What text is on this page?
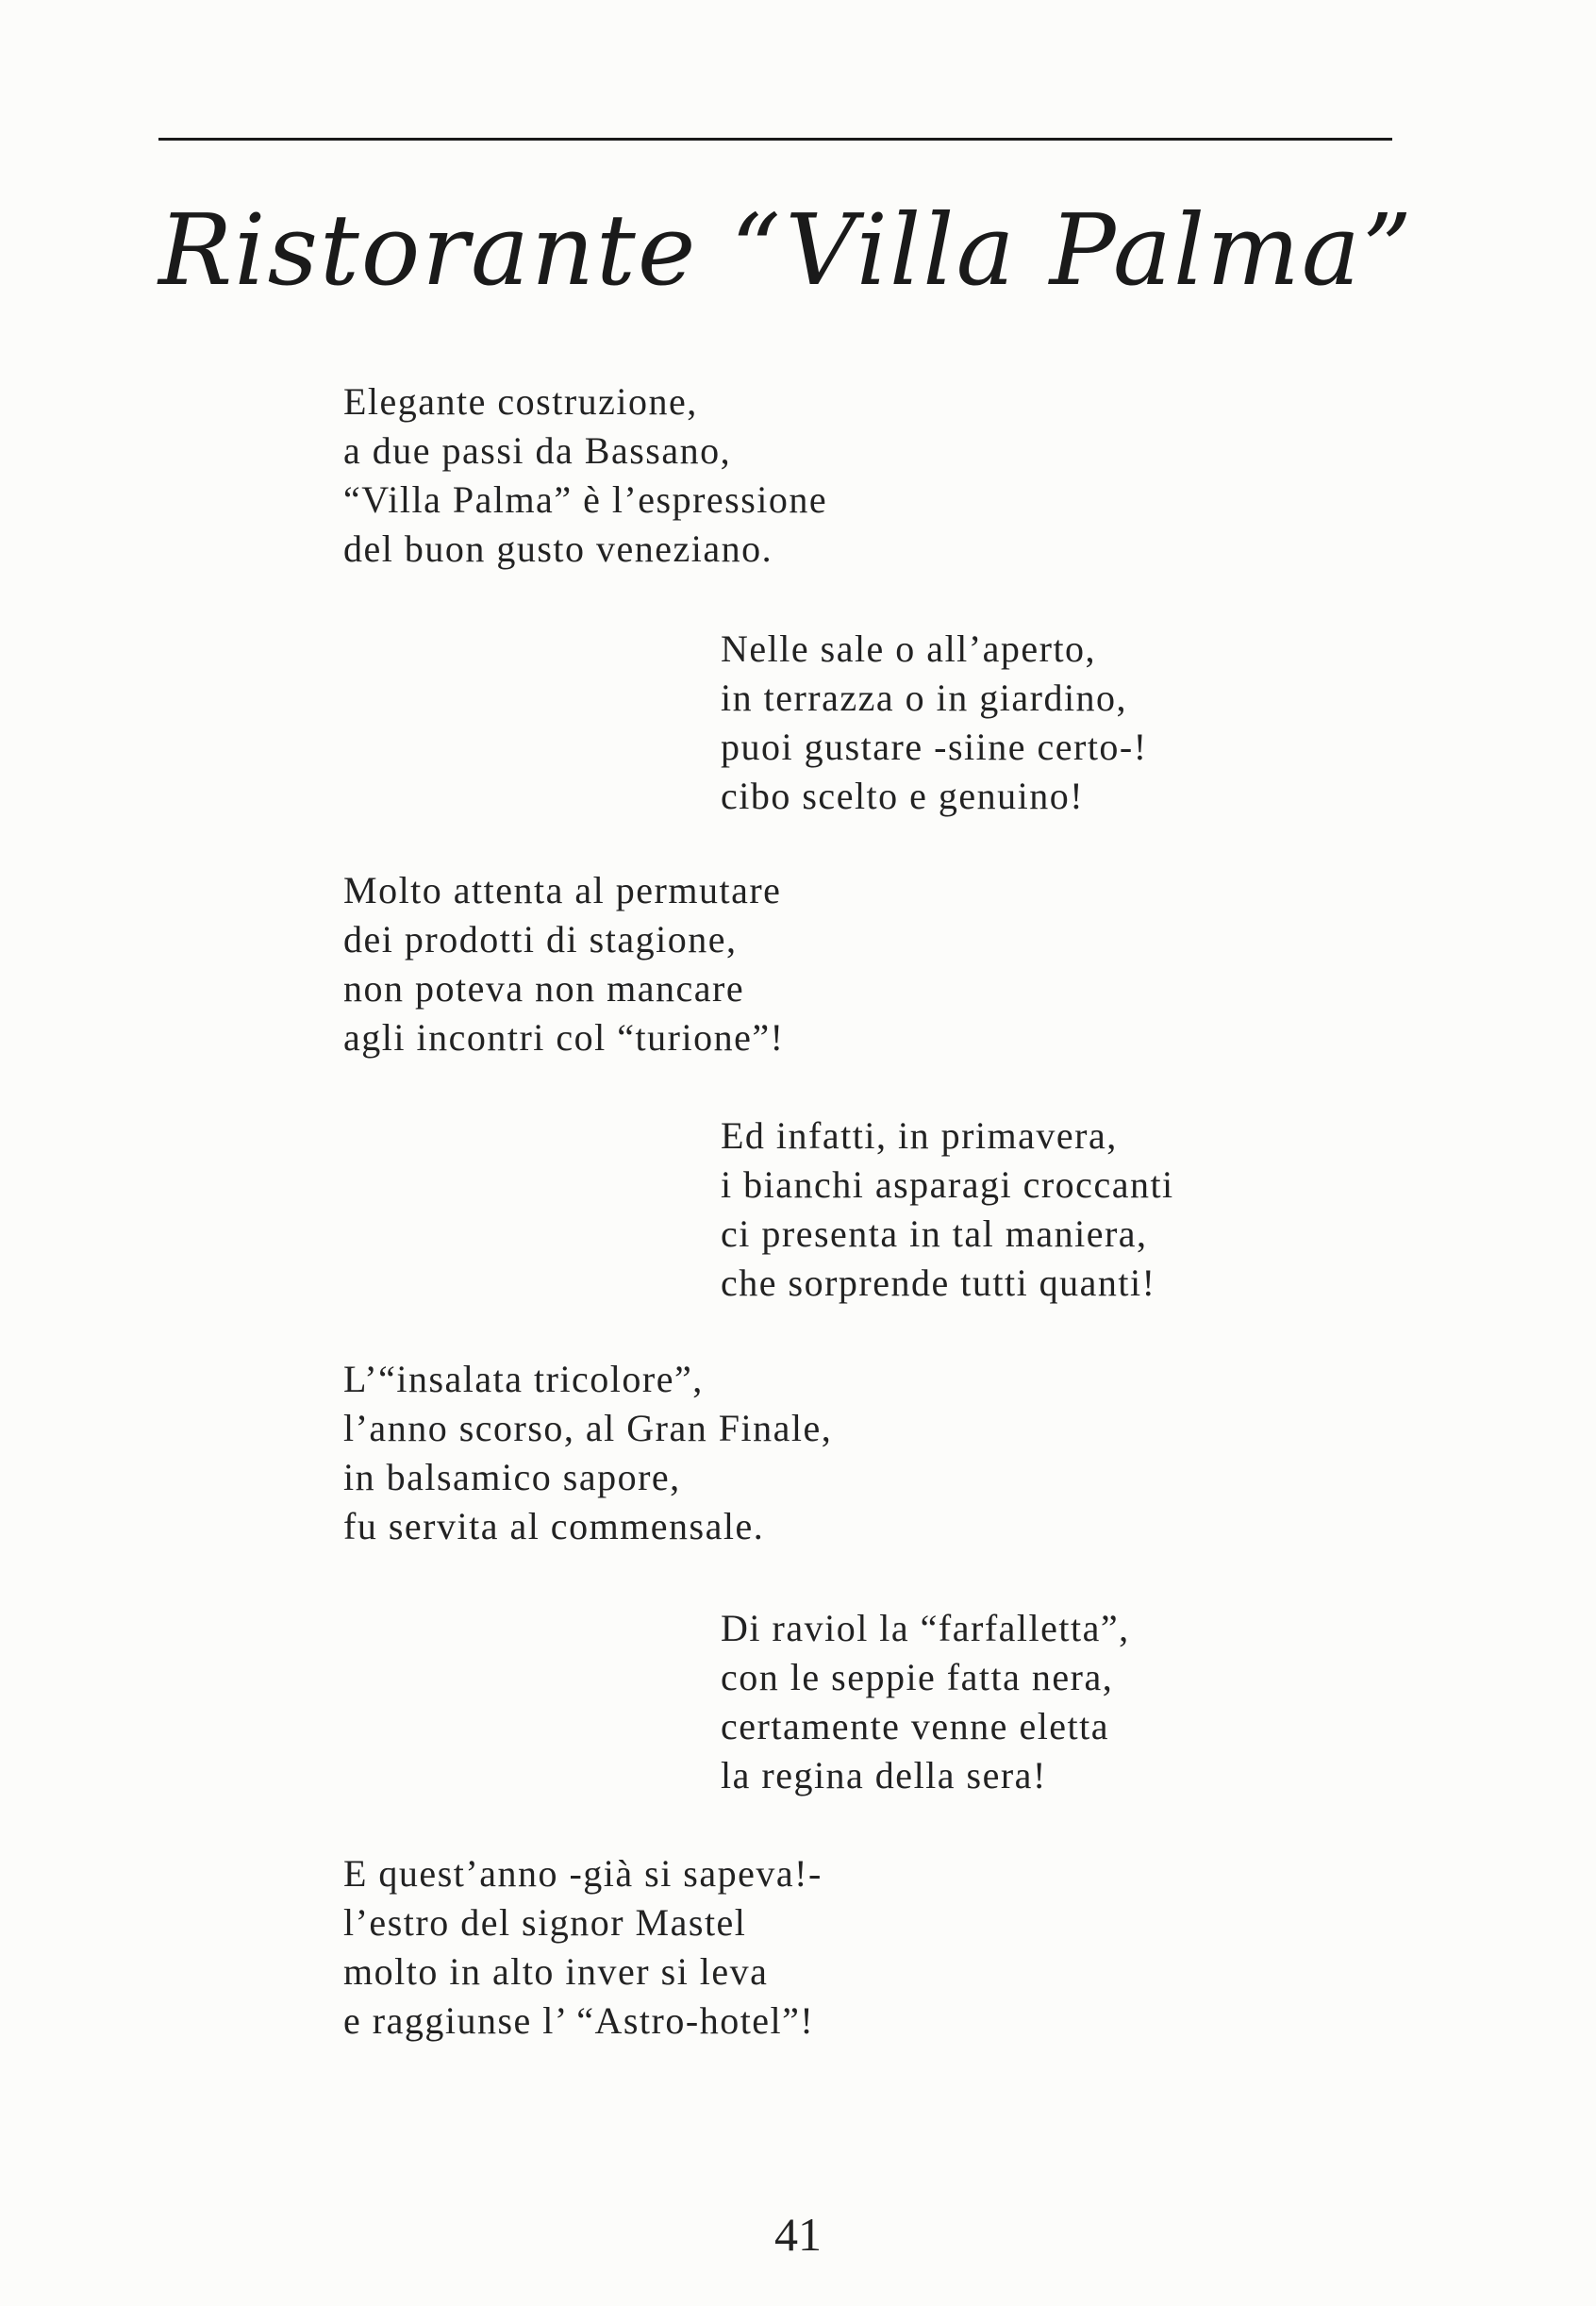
Ristorante “Villa Palma”
Elegante costruzione,
a due passi da Bassano,
“Villa Palma” è l’espressione
del buon gusto veneziano.
Nelle sale o all’aperto,
in terrazza o in giardino,
puoi gustare -siine certo-!
cibo scelto e genuino!
Molto attenta al permutare
dei prodotti di stagione,
non poteva non mancare
agli incontri col “turione”!
Ed infatti, in primavera,
i bianchi asparagi croccanti
ci presenta in tal maniera,
che sorprende tutti quanti!
L’“insalata tricolore”,
l’anno scorso, al Gran Finale,
in balsamico sapore,
fu servita al commensale.
Di raviol la “farfalletta”,
con le seppie fatta nera,
certamente venne eletta
la regina della sera!
E quest’anno -già si sapeva!-
l’estro del signor Mastel
molto in alto inver si leva
e raggiunse l’ “Astro-hotel”!
41
